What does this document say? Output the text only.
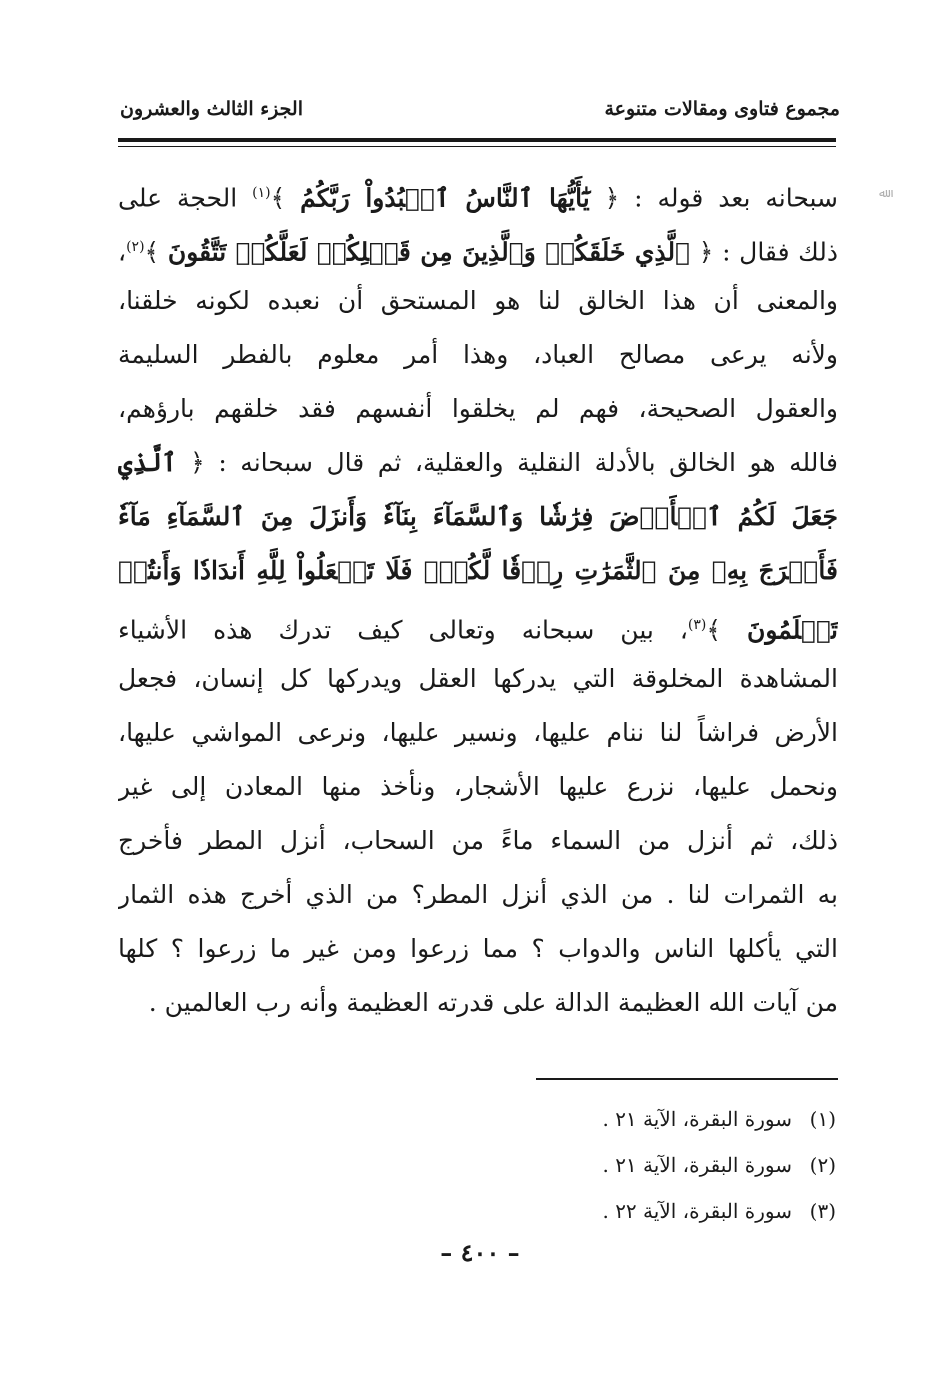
مجموع فتاوى ومقالات متنوعة
الجزء الثالث والعشرون
ﷲ
سبحانه بعد قوله : ﴿ يَٰٓأَيُّهَا ٱلنَّاسُ ٱعۡبُدُواْ رَبَّكُمُ ﴾$^{(١)}$ الحجة على
ذلك فقال : ﴿ ٱلَّذِي خَلَقَكُمۡ وَٱلَّذِينَ مِن قَبۡلِكُمۡ لَعَلَّكُمۡ تَتَّقُونَ ﴾$^{(٢)}$،
والمعنى أن هذا الخالق لنا هو المستحق أن نعبده لكونه خلقنا،
ولأنه يرعى مصالح العباد، وهذا أمر معلوم بالفطر السليمة
والعقول الصحيحة، فهم لم يخلقوا أنفسهم فقد خلقهم بارؤهم،
فالله هو الخالق بالأدلة النقلية والعقلية، ثم قال سبحانه : ﴿ ٱلَّذِي
جَعَلَ لَكُمُ ٱلۡأَرۡضَ فِرَٰشٗا وَٱلسَّمَآءَ بِنَآءٗ وَأَنزَلَ مِنَ ٱلسَّمَآءِ مَآءٗ
فَأَخۡرَجَ بِهِۦ مِنَ ٱلثَّمَرَٰتِ رِزۡقٗا لَّكُمۡۖ فَلَا تَجۡعَلُواْ لِلَّهِ أَندَادٗا وَأَنتُمۡ
تَعۡلَمُونَ ﴾$^{(٣)}$، بين سبحانه وتعالى كيف تدرك هذه الأشياء
المشاهدة المخلوقة التي يدركها العقل ويدركها كل إنسان، فجعل
الأرض فراشاً لنا ننام عليها، ونسير عليها، ونرعى المواشي عليها،
ونحمل عليها، نزرع عليها الأشجار، ونأخذ منها المعادن إلى غير
ذلك، ثم أنزل من السماء ماءً من السحاب، أنزل المطر فأخرج
به الثمرات لنا . من الذي أنزل المطر؟ من الذي أخرج هذه الثمار
التي يأكلها الناس والدواب ؟ مما زرعوا ومن غير ما زرعوا ؟ كلها
من آيات الله العظيمة الدالة على قدرته العظيمة وأنه رب العالمين .
(١)سورة البقرة، الآية ٢١ .
(٢)سورة البقرة، الآية ٢١ .
(٣)سورة البقرة، الآية ٢٢ .
– ٤٠٠ –
